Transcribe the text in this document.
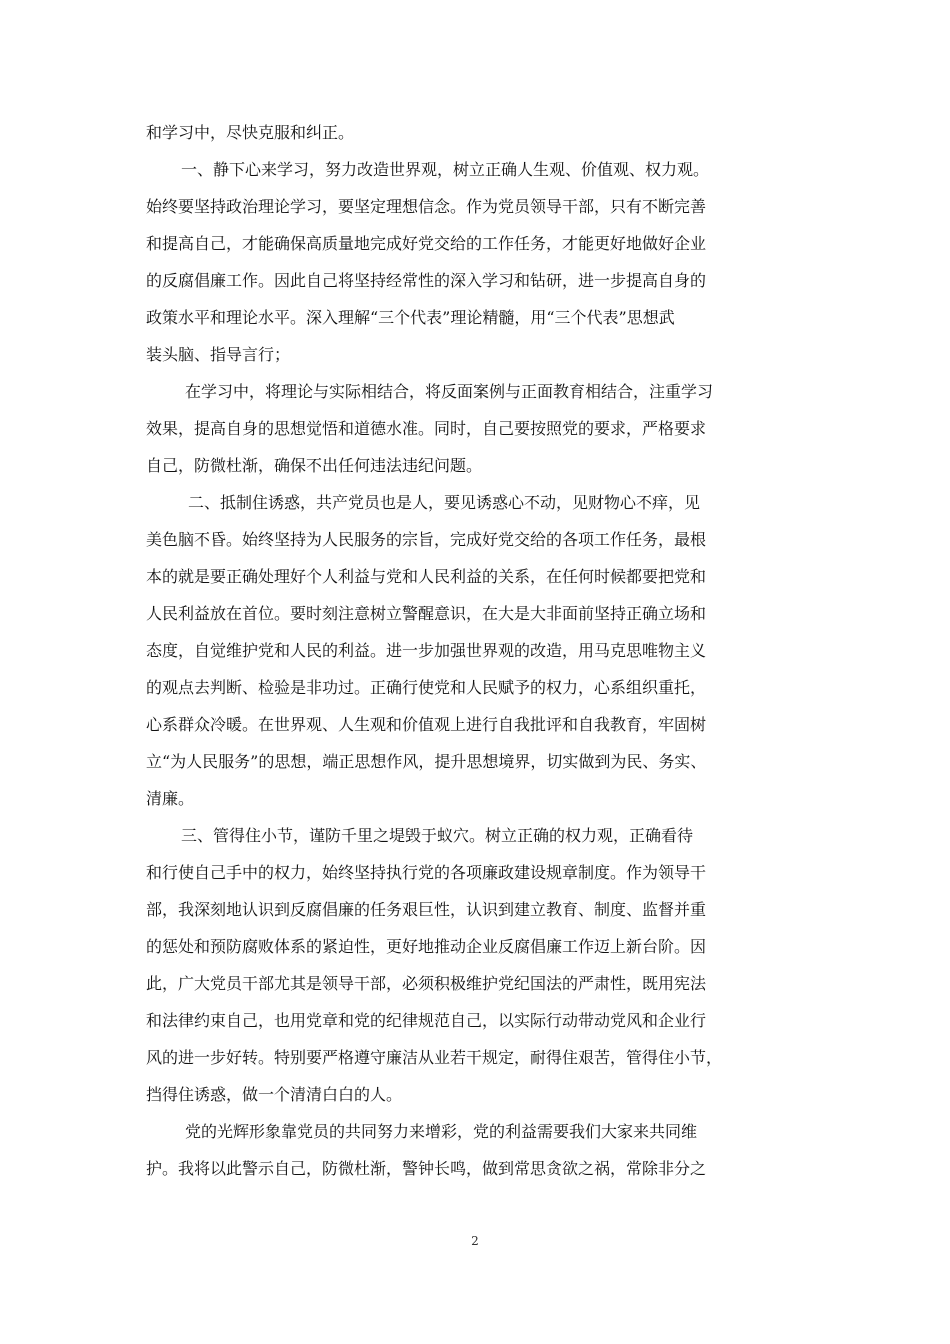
和学习中，尽快克服和纠正。
一、静下心来学习，努力改造世界观，树立正确人生观、价值观、权力观。
始终要坚持政治理论学习，要坚定理想信念。作为党员领导干部，只有不断完善
和提高自己，才能确保高质量地完成好党交给的工作任务，才能更好地做好企业
的反腐倡廉工作。因此自己将坚持经常性的深入学习和钻研，进一步提高自身的
政策水平和理论水平。深入理解“三个代表”理论精髓，用“三个代表”思想武
装头脑、指导言行；
在学习中，将理论与实际相结合，将反面案例与正面教育相结合，注重学习
效果，提高自身的思想觉悟和道德水准。同时，自己要按照党的要求，严格要求
自己，防微杜渐，确保不出任何违法违纪问题。
二、抵制住诱惑，共产党员也是人，要见诱惑心不动，见财物心不痒，见
美色脑不昏。始终坚持为人民服务的宗旨，完成好党交给的各项工作任务，最根
本的就是要正确处理好个人利益与党和人民利益的关系，在任何时候都要把党和
人民利益放在首位。要时刻注意树立警醒意识，在大是大非面前坚持正确立场和
态度，自觉维护党和人民的利益。进一步加强世界观的改造，用马克思唯物主义
的观点去判断、检验是非功过。正确行使党和人民赋予的权力，心系组织重托，
心系群众冷暖。在世界观、人生观和价值观上进行自我批评和自我教育，牢固树
立“为人民服务”的思想，端正思想作风，提升思想境界，切实做到为民、务实、
清廉。
三、管得住小节，谨防千里之堤毁于蚁穴。树立正确的权力观，正确看待
和行使自己手中的权力，始终坚持执行党的各项廉政建设规章制度。作为领导干
部，我深刻地认识到反腐倡廉的任务艰巨性，认识到建立教育、制度、监督并重
的惩处和预防腐败体系的紧迫性，更好地推动企业反腐倡廉工作迈上新台阶。因
此，广大党员干部尤其是领导干部，必须积极维护党纪国法的严肃性，既用宪法
和法律约束自己，也用党章和党的纪律规范自己，以实际行动带动党风和企业行
风的进一步好转。特别要严格遵守廉洁从业若干规定，耐得住艰苦，管得住小节，
挡得住诱惑，做一个清清白白的人。
党的光辉形象靠党员的共同努力来增彩，党的利益需要我们大家来共同维
护。我将以此警示自己，防微杜渐，警钟长鸣，做到常思贪欲之祸，常除非分之
2
